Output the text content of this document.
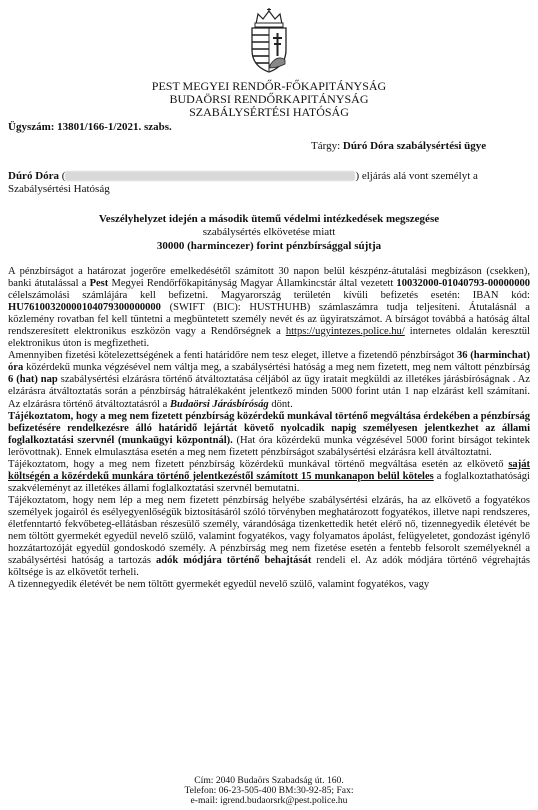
PEST MEGYEI RENDŐR-FŐKAPITÁNYSÁG
BUDAÖRSI RENDŐRKAPITÁNYSÁG
SZABÁLYSÉRTÉSI HATÓSÁG
Ügyszám: 13801/166-1/2021. szabs.
Tárgy: Dúró Dóra szabálysértési ügye
Dúró Dóra (	) eljárás alá vont személyt a
Szabálysértési Hatóság
Veszélyhelyzet idején a második ütemű védelmi intézkedések megszegése
szabálysértés elkövetése miatt
30000 (harmincezer) forint pénzbírsággal sújtja

A pénzbírságot a határozat jogerőre emelkedésétől számított 30 napon belül készpénz-átutalási megbízáson (csekken), banki átutalással a Pest Megyei Rendőrfőkapitányság Magyar Államkincstár által vezetett 10032000-01040793-00000000 célelszámolási számlájára kell befizetni. Magyarország területén kívüli befizetés esetén: IBAN kód: HU76100320000104079300000000 (SWIFT (BIC): HUSTHUHB) számlaszámra tudja teljesíteni. Átutalásnál a közlemény rovatban fel kell tüntetni a megbüntetett személy nevét és az ügyiratszámot. A bírságot továbbá a hatóság által rendszeresített elektronikus eszközön vagy a Rendőrségnek a https://ugyintezes.police.hu/ internetes oldalán keresztül elektronikus úton is megfizetheti.

Amennyiben fizetési kötelezettségének a fenti határidőre nem tesz eleget, illetve a fizetendő pénzbírságot 36 (harminchat) óra közérdekű munka végzésével nem váltja meg, a szabálysértési hatóság a meg nem fizetett, meg nem váltott pénzbírság 6 (hat) nap szabálysértési elzárásra történő átváltoztatása céljából az ügy iratait megküldi az illetékes járásbíróságnak . Az elzárásra átváltoztatás során a pénzbírság hátralékaként jelentkező minden 5000 forint után 1 nap elzárást kell számítani. Az elzárásra történő átváltoztatásról a Budaörsi Járásbíróság dönt.

Tájékoztatom, hogy a meg nem fizetett pénzbírság közérdekű munkával történő megváltása érdekében a pénzbírság befizetésére rendelkezésre álló határidő lejártát követő nyolcadik napig személyesen jelentkezhet az állami foglalkoztatási szervnél (munkaügyi központnál). (Hat óra közérdekű munka végzésével 5000 forint bírságot tekintek lerövottnak). Ennek elmulasztása esetén a meg nem fizetett pénzbírságot szabálysértési elzárásra kell átváltoztatni.

Tájékoztatom, hogy a meg nem fizetett pénzbírság közérdekű munkával történő megváltása esetén az elkövető saját költségén a közérdekű munkára történő jelentkezéstől számított 15 munkanapon belül köteles a foglalkoztathatósági szakvéleményt az illetékes állami foglalkoztatási szervnél bemutatni.

Tájékoztatom, hogy nem lép a meg nem fizetett pénzbírság helyébe szabálysértési elzárás, ha az elkövető a fogyatékos személyek jogairól és esélyegyenlőségük biztosításáról szóló törvényben meghatározott fogyatékos, illetve napi rendszeres, életfenntartó fekvőbeteg-ellátásban részesülő személy, várandósága tizenkettedik hetét elérő nő, tizennegyedik életévét be nem töltött gyermekét egyedül nevelő szülő, valamint fogyatékos, vagy folyamatos ápolást, felügyeletet, gondozást igénylő hozzátartozóját egyedül gondoskodó személy. A pénzbírság meg nem fizetése esetén a fentebb felsorolt személyeknél a szabálysértési hatóság a tartozás adók módjára történő behajtását rendeli el. Az adók módjára történő végrehajtás költsége is az elkövetőt terheli.

A tizennegyedik életévét be nem töltött gyermekét egyedül nevelő szülő, valamint fogyatékos, vagy

Cím: 2040 Budaörs Szabadság út. 160.
Telefon: 06-23-505-400 BM:30-92-85; Fax:
e-mail: igrend.budaorsrk@pest.police.hu
